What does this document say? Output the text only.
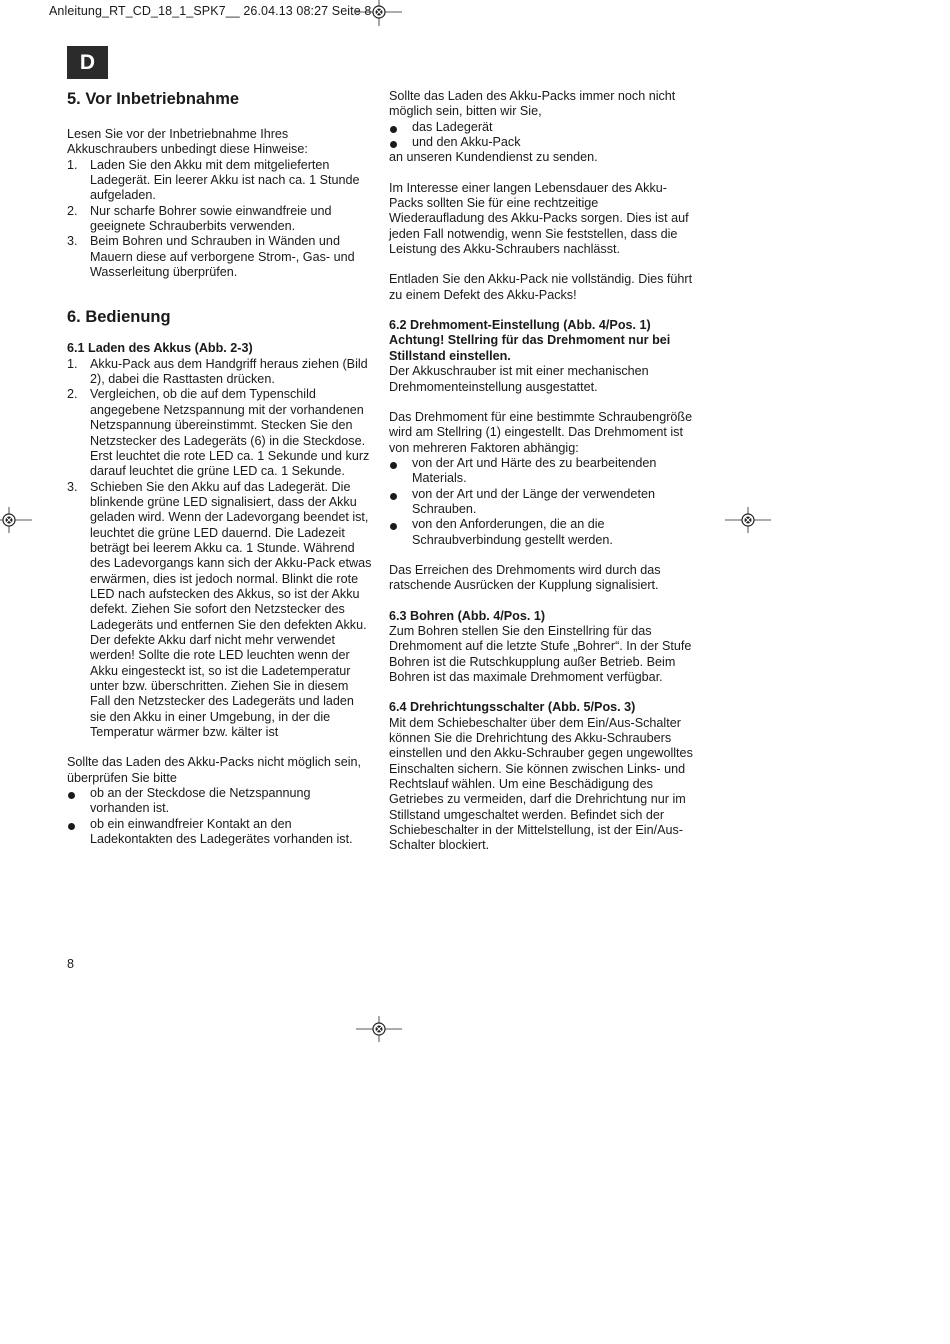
Anleitung_RT_CD_18_1_SPK7__ 26.04.13 08:27 Seite 8
D
5. Vor Inbetriebnahme

Lesen Sie vor der Inbetriebnahme Ihres Akkuschraubers unbedingt diese Hinweise:

1. Laden Sie den Akku mit dem mitgelieferten Ladegerät. Ein leerer Akku ist nach ca. 1 Stunde aufgeladen.
2. Nur scharfe Bohrer sowie einwandfreie und geeignete Schrauberbits verwenden.
3. Beim Bohren und Schrauben in Wänden und Mauern diese auf verborgene Strom-, Gas- und Wasserleitung überprüfen.
6. Bedienung
6.1 Laden des Akkus (Abb. 2-3)
1. Akku-Pack aus dem Handgriff heraus ziehen (Bild 2), dabei die Rasttasten drücken.
2. Vergleichen, ob die auf dem Typenschild angegebene Netzspannung mit der vorhandenen Netzspannung übereinstimmt. Stecken Sie den Netzstecker des Ladegeräts (6) in die Steckdose. Erst leuchtet die rote LED ca. 1 Sekunde und kurz darauf leuchtet die grüne LED ca. 1 Sekunde.
3. Schieben Sie den Akku auf das Ladegerät. Die blinkende grüne LED signalisiert, dass der Akku geladen wird. Wenn der Ladevorgang beendet ist, leuchtet die grüne LED dauernd. Die Ladezeit beträgt bei leerem Akku ca. 1 Stunde. Während des Ladevorgangs kann sich der Akku-Pack etwas erwärmen, dies ist jedoch normal. Blinkt die rote LED nach aufstecken des Akkus, so ist der Akku defekt. Ziehen Sie sofort den Netzstecker des Ladegeräts und entfernen Sie den defekten Akku. Der defekte Akku darf nicht mehr verwendet werden! Sollte die rote LED leuchten wenn der Akku eingesteckt ist, so ist die Ladetemperatur unter bzw. überschritten. Ziehen Sie in diesem Fall den Netzstecker des Ladegeräts und laden sie den Akku in einer Umgebung, in der die Temperatur wärmer bzw. kälter ist

Sollte das Laden des Akku-Packs nicht möglich sein, überprüfen Sie bitte

ob an der Steckdose die Netzspannung vorhanden ist.
ob ein einwandfreier Kontakt an den Ladekontakten des Ladegerätes vorhanden ist.

Sollte das Laden des Akku-Packs immer noch nicht möglich sein, bitten wir Sie,

das Ladegerät
und den Akku-Pack

an unseren Kundendienst zu senden.

Im Interesse einer langen Lebensdauer des Akku-Packs sollten Sie für eine rechtzeitige Wiederaufladung des Akku-Packs sorgen. Dies ist auf jeden Fall notwendig, wenn Sie feststellen, dass die Leistung des Akku-Schraubers nachlässt.

Entladen Sie den Akku-Pack nie vollständig. Dies führt zu einem Defekt des Akku-Packs!

6.2 Drehmoment-Einstellung (Abb. 4/Pos. 1)
Achtung! Stellring für das Drehmoment nur bei Stillstand einstellen.

Der Akkuschrauber ist mit einer mechanischen Drehmomenteinstellung ausgestattet.

Das Drehmoment für eine bestimmte Schraubengröße wird am Stellring (1) eingestellt. Das Drehmoment ist von mehreren Faktoren abhängig:

von der Art und Härte des zu bearbeitenden Materials.
von der Art und der Länge der verwendeten Schrauben.
von den Anforderungen, die an die Schraubverbindung gestellt werden.

Das Erreichen des Drehmoments wird durch das ratschende Ausrücken der Kupplung signalisiert.

6.3 Bohren (Abb. 4/Pos. 1)

Zum Bohren stellen Sie den Einstellring für das Drehmoment auf die letzte Stufe „Bohrer“. In der Stufe Bohren ist die Rutschkupplung außer Betrieb. Beim Bohren ist das maximale Drehmoment verfügbar.

6.4 Drehrichtungsschalter (Abb. 5/Pos. 3)

Mit dem Schiebeschalter über dem Ein/Aus-Schalter können Sie die Drehrichtung des Akku-Schraubers einstellen und den Akku-Schrauber gegen ungewolltes Einschalten sichern. Sie können zwischen Links- und Rechtslauf wählen. Um eine Beschädigung des Getriebes zu vermeiden, darf die Drehrichtung nur im Stillstand umgeschaltet werden. Befindet sich der Schiebeschalter in der Mittelstellung, ist der Ein/Aus-Schalter blockiert.

8
